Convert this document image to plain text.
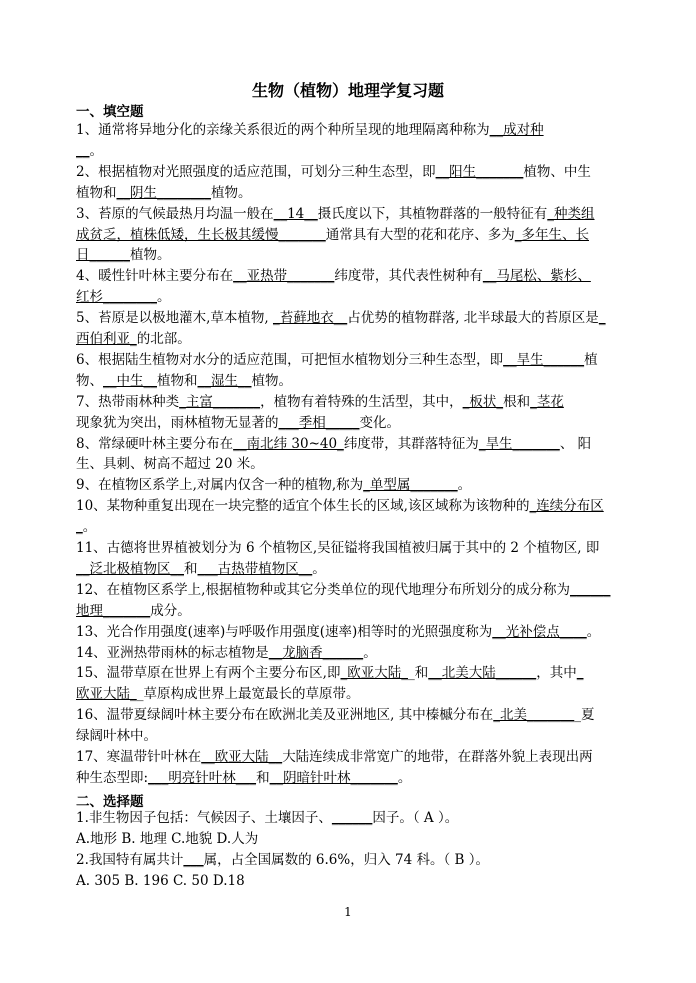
生物（植物）地理学复习题
一、填空题
1、通常将异地分化的亲缘关系很近的两个种所呈现的地理隔离种称为__成对种
__。
2、根据植物对光照强度的适应范围，可划分三种生态型，即__阳生_______植物、中生
植物和__阴生________植物。
3、苔原的气候最热月均温一般在__14__摄氏度以下，其植物群落的一般特征有_种类组
成贫乏，植株低矮，生长极其缓慢_______通常具有大型的花和花序、多为_多年生、长
日______植物。
4、暖性针叶林主要分布在__亚热带_______纬度带，其代表性树种有__马尾松、紫杉、
红杉________。
5、苔原是以极地灌木,草本植物, _苔藓地衣__占优势的植物群落, 北半球最大的苔原区是_
西伯利亚_的北部。
6、根据陆生植物对水分的适应范围，可把恒水植物划分三种生态型，即__旱生______植
物、__中生__植物和__湿生__植物。
7、热带雨林种类_主富_______，植物有着特殊的生活型，其中，_板状_根和_茎花
现象犹为突出，雨林植物无显著的___季相_____变化。
8、常绿硬叶林主要分布在__南北纬 30~40_纬度带，其群落特征为_旱生_______、 阳
生、具刺、树高不超过 20 米。
9、在植物区系学上,对属内仅含一种的植物,称为_单型属_______。
10、某物种重复出现在一块完整的适宜个体生长的区域,该区域称为该物种的_连续分布区
_。
11、古德将世界植被划分为 6 个植物区,吴征镒将我国植被归属于其中的 2 个植物区, 即
__泛北极植物区__和___古热带植物区__。
12、在植物区系学上,根据植物种或其它分类单位的现代地理分布所划分的成分称为______
地理_______成分。
13、光合作用强度(速率)与呼吸作用强度(速率)相等时的光照强度称为__光补偿点____。
14、亚洲热带雨林的标志植物是__龙脑香______。
15、温带草原在世界上有两个主要分布区,即_欧亚大陆__和__北美大陆______，其中_
欧亚大陆__草原构成世界上最宽最长的草原带。
16、温带夏绿阔叶林主要分布在欧洲北美及亚洲地区, 其中榛槭分布在_北美________夏
绿阔叶林中。
17、寒温带针叶林在__欧亚大陆__大陆连续成非常宽广的地带，在群落外貌上表现出两
种生态型即:___明亮针叶林___和__阴暗针叶林_______。
二、选择题
1.非生物因子包括：气候因子、土壤因子、______因子。（ A ）。
A.地形 B. 地理 C.地貌 D.人为
2.我国特有属共计___属，占全国属数的 6.6%，归入 74 科。（ B ）。
A. 305 B. 196 C. 50 D.18
1
